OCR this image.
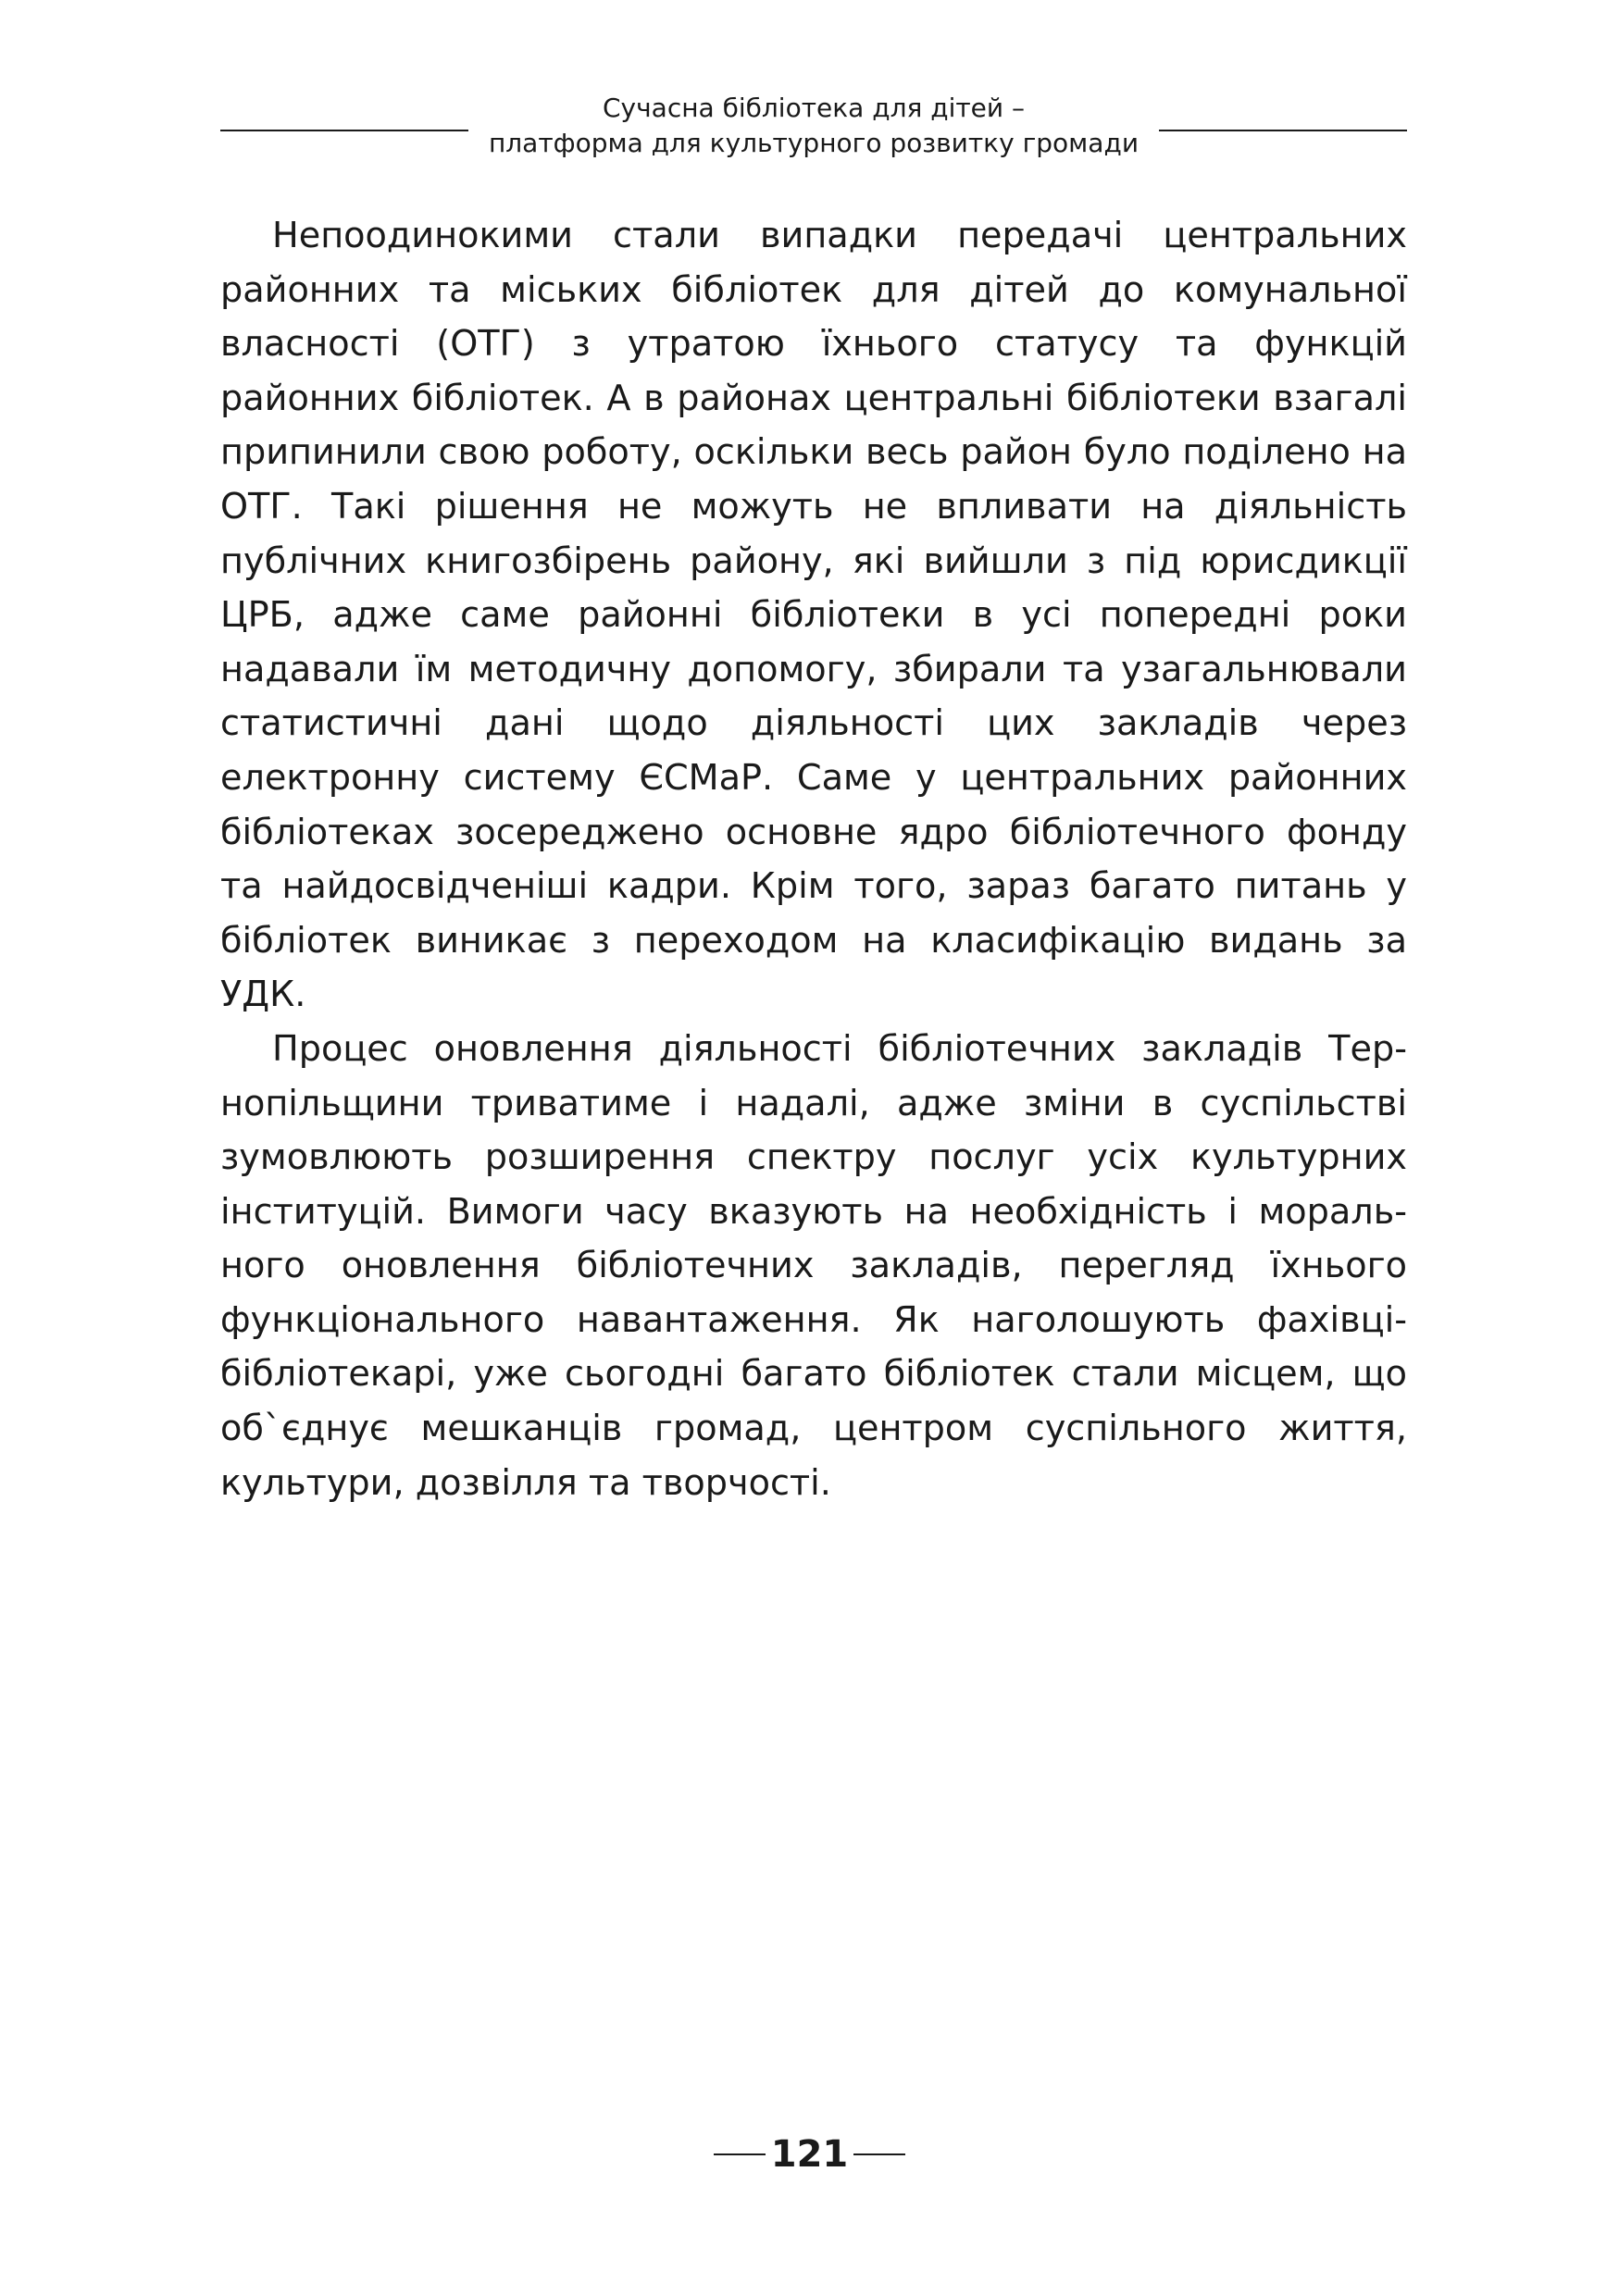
Сучасна бібліотека для дітей –
платформа для культурного розвитку громади

Непоодинокими стали випадки передачі центральних районних та міських бібліотек для дітей до комунальної власності (ОТГ) з утратою їхнього статусу та функцій районних бібліотек. А в районах центральні бібліотеки взагалі припинили свою роботу, оскільки весь район було поділено на ОТГ. Такі рішення не можуть не впливати на діяльність публічних книгозбірень району, які вийшли з під юрисдикції ЦРБ, адже саме районні бібліотеки в усі попередні роки надавали їм методичну допомогу, збирали та узагальнювали статистичні дані щодо діяльності цих закладів через електронну систему ЄСМаР. Саме у центральних районних бібліотеках зосереджено основне ядро бібліотечного фонду та найдосвідченіші кадри. Крім того, зараз багато питань у бібліотек виникає з переходом на класифікацію видань за УДК.

Процес оновлення діяльності бібліотечних закладів Тернопільщини триватиме і надалі, адже зміни в суспільстві зумовлюють розширення спектру послуг усіх культурних інституцій. Вимоги часу вказують на необхідність і морального оновлення бібліотечних закладів, перегляд їхнього функціонального навантаження. Як наголошують фахівці-бібліотекарі, уже сьогодні багато бібліотек стали місцем, що об`єднує мешканців громад, центром суспільного життя, культури, дозвілля та творчості.

121
